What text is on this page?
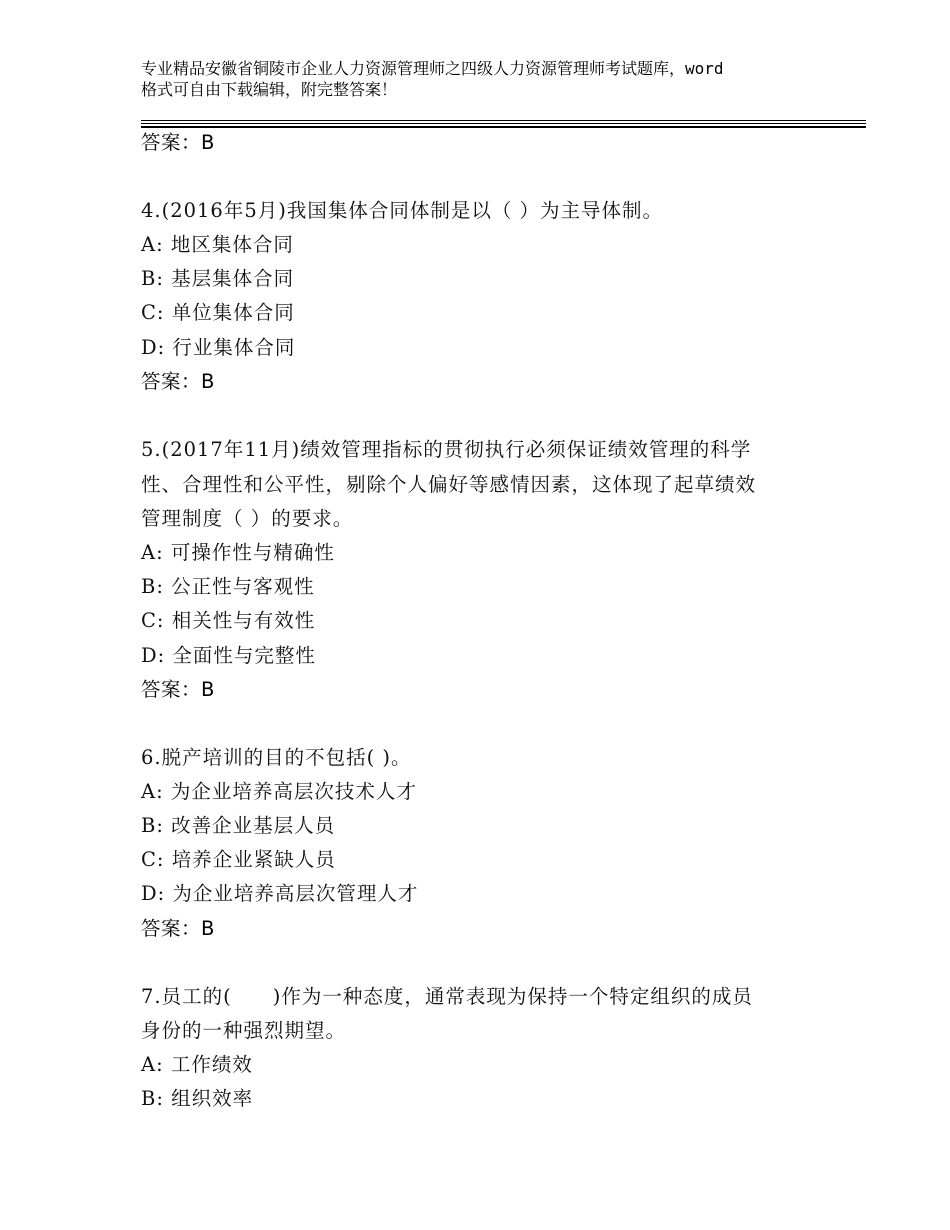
专业精品安徽省铜陵市企业人力资源管理师之四级人力资源管理师考试题库，word
格式可自由下载编辑，附完整答案！
答案：B
4.(2016年5月)我国集体合同体制是以（ ）为主导体制。
A: 地区集体合同
B: 基层集体合同
C: 单位集体合同
D: 行业集体合同
答案：B
5.(2017年11月)绩效管理指标的贯彻执行必须保证绩效管理的科学
性、合理性和公平性，剔除个人偏好等感情因素，这体现了起草绩效
管理制度（ ）的要求。
A: 可操作性与精确性
B: 公正性与客观性
C: 相关性与有效性
D: 全面性与完整性
答案：B
6.脱产培训的目的不包括( )。
A: 为企业培养高层次技术人才
B: 改善企业基层人员
C: 培养企业紧缺人员
D: 为企业培养高层次管理人才
答案：B
7.员工的(　　)作为一种态度，通常表现为保持一个特定组织的成员
身份的一种强烈期望。
A: 工作绩效
B: 组织效率
